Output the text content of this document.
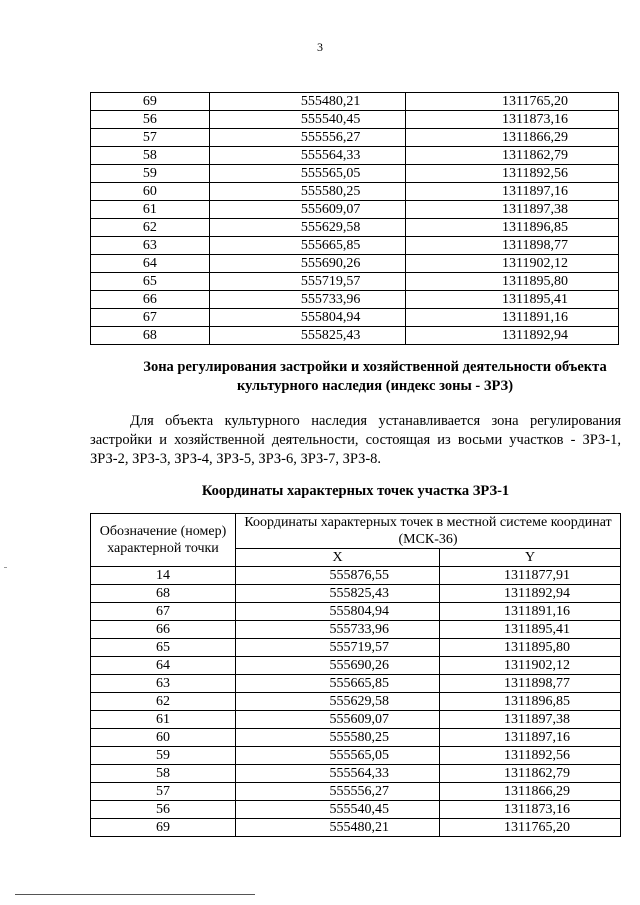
3
69	555480,21	1311765,20
56	555540,45	1311873,16
57	555556,27	1311866,29
58	555564,33	1311862,79
59	555565,05	1311892,56
60	555580,25	1311897,16
61	555609,07	1311897,38
62	555629,58	1311896,85
63	555665,85	1311898,77
64	555690,26	1311902,12
65	555719,57	1311895,80
66	555733,96	1311895,41
67	555804,94	1311891,16
68	555825,43	1311892,94
Зона регулирования застройки и хозяйственной деятельности объекта
культурного наследия (индекс зоны - ЗРЗ)
Для объекта культурного наследия устанавливается зона регулирования застройки и хозяйственной деятельности, состоящая из восьми участков - ЗРЗ-1, ЗРЗ-2, ЗРЗ-3, ЗРЗ-4, ЗРЗ-5, ЗРЗ-6, ЗРЗ-7, ЗРЗ-8.
Координаты характерных точек участка ЗРЗ-1
Обозначение (номер) характерной точки	Координаты характерных точек в местной системе координат (МСК-36)	
	X	Y
14	555876,55	1311877,91
68	555825,43	1311892,94
67	555804,94	1311891,16
66	555733,96	1311895,41
65	555719,57	1311895,80
64	555690,26	1311902,12
63	555665,85	1311898,77
62	555629,58	1311896,85
61	555609,07	1311897,38
60	555580,25	1311897,16
59	555565,05	1311892,56
58	555564,33	1311862,79
57	555556,27	1311866,29
56	555540,45	1311873,16
69	555480,21	1311765,20
